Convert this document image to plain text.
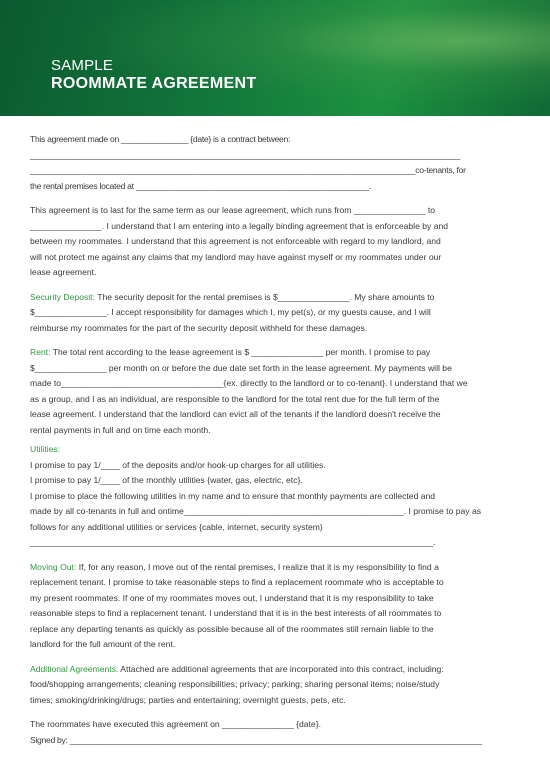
SAMPLE
ROOMMATE AGREEMENT

This agreement made on _______________ {date} is a contract between:

________________________________________________________________________________________________

______________________________________________________________________________________co-tenants, for

the rental premises located at ____________________________________________________.

This agreement is to last for the same term as our lease agreement, which runs from _______________ to

_______________. I understand that I am entering into a legally binding agreement that is enforceable by and

between my roommates. I understand that this agreement is not enforceable with regard to my landlord, and

will not protect me against any claims that my landlord may have against myself or my roommates under our

lease agreement.

Security Deposit: The security deposit for the rental premises is $_______________. My share amounts to

$_______________. I accept responsibility for damages which I, my pet(s), or my guests cause, and I will

reimburse my roommates for the part of the security deposit withheld for these damages.

Rent: The total rent according to the lease agreement is $ _______________ per month. I promise to pay

$_______________ per month on or before the due date set forth in the lease agreement. My payments will be

made to__________________________________{ex. directly to the landlord or to co-tenant}. I understand that we

as a group, and I as an individual, are responsible to the landlord for the total rent due for the full term of the

lease agreement. I understand that the landlord can evict all of the tenants if the landlord doesn't receive the

rental payments in full and on time each month.

Utilities:

I promise to pay 1/____ of the deposits and/or hook-up charges for all utilities.

I promise to pay 1/____ of the monthly utilities {water, gas, electric, etc}.

I promise to place the following utilities in my name and to ensure that monthly payments are collected and

made by all co-tenants in full and ontime______________________________________________. I promise to pay as

follows for any additional utilities or services {cable, internet, security system)

__________________________________________________________________________________________.

Moving Out: If, for any reason, I move out of the rental premises, I realize that it is my responsibility to find a

replacement tenant. I promise to take reasonable steps to find a replacement roommate who is acceptable to

my present roommates. If one of my roommates moves out, I understand that it is my responsibility to take

reasonable steps to find a replacement tenant. I understand that it is in the best interests of all roommates to

replace any departing tenants as quickly as possible because all of the roommates still remain liable to the

landlord for the full amount of the rent.

Additional Agreements: Attached are additional agreements that are incorporated into this contract, including:

food/shopping arrangements; cleaning responsibilities; privacy; parking; sharing personal items; noise/study

times; smoking/drinking/drugs; parties and entertaining; overnight guests, pets, etc.

The roommates have executed this agreement on _______________ {date}.

Signed by: ____________________________________________________________________________________________
